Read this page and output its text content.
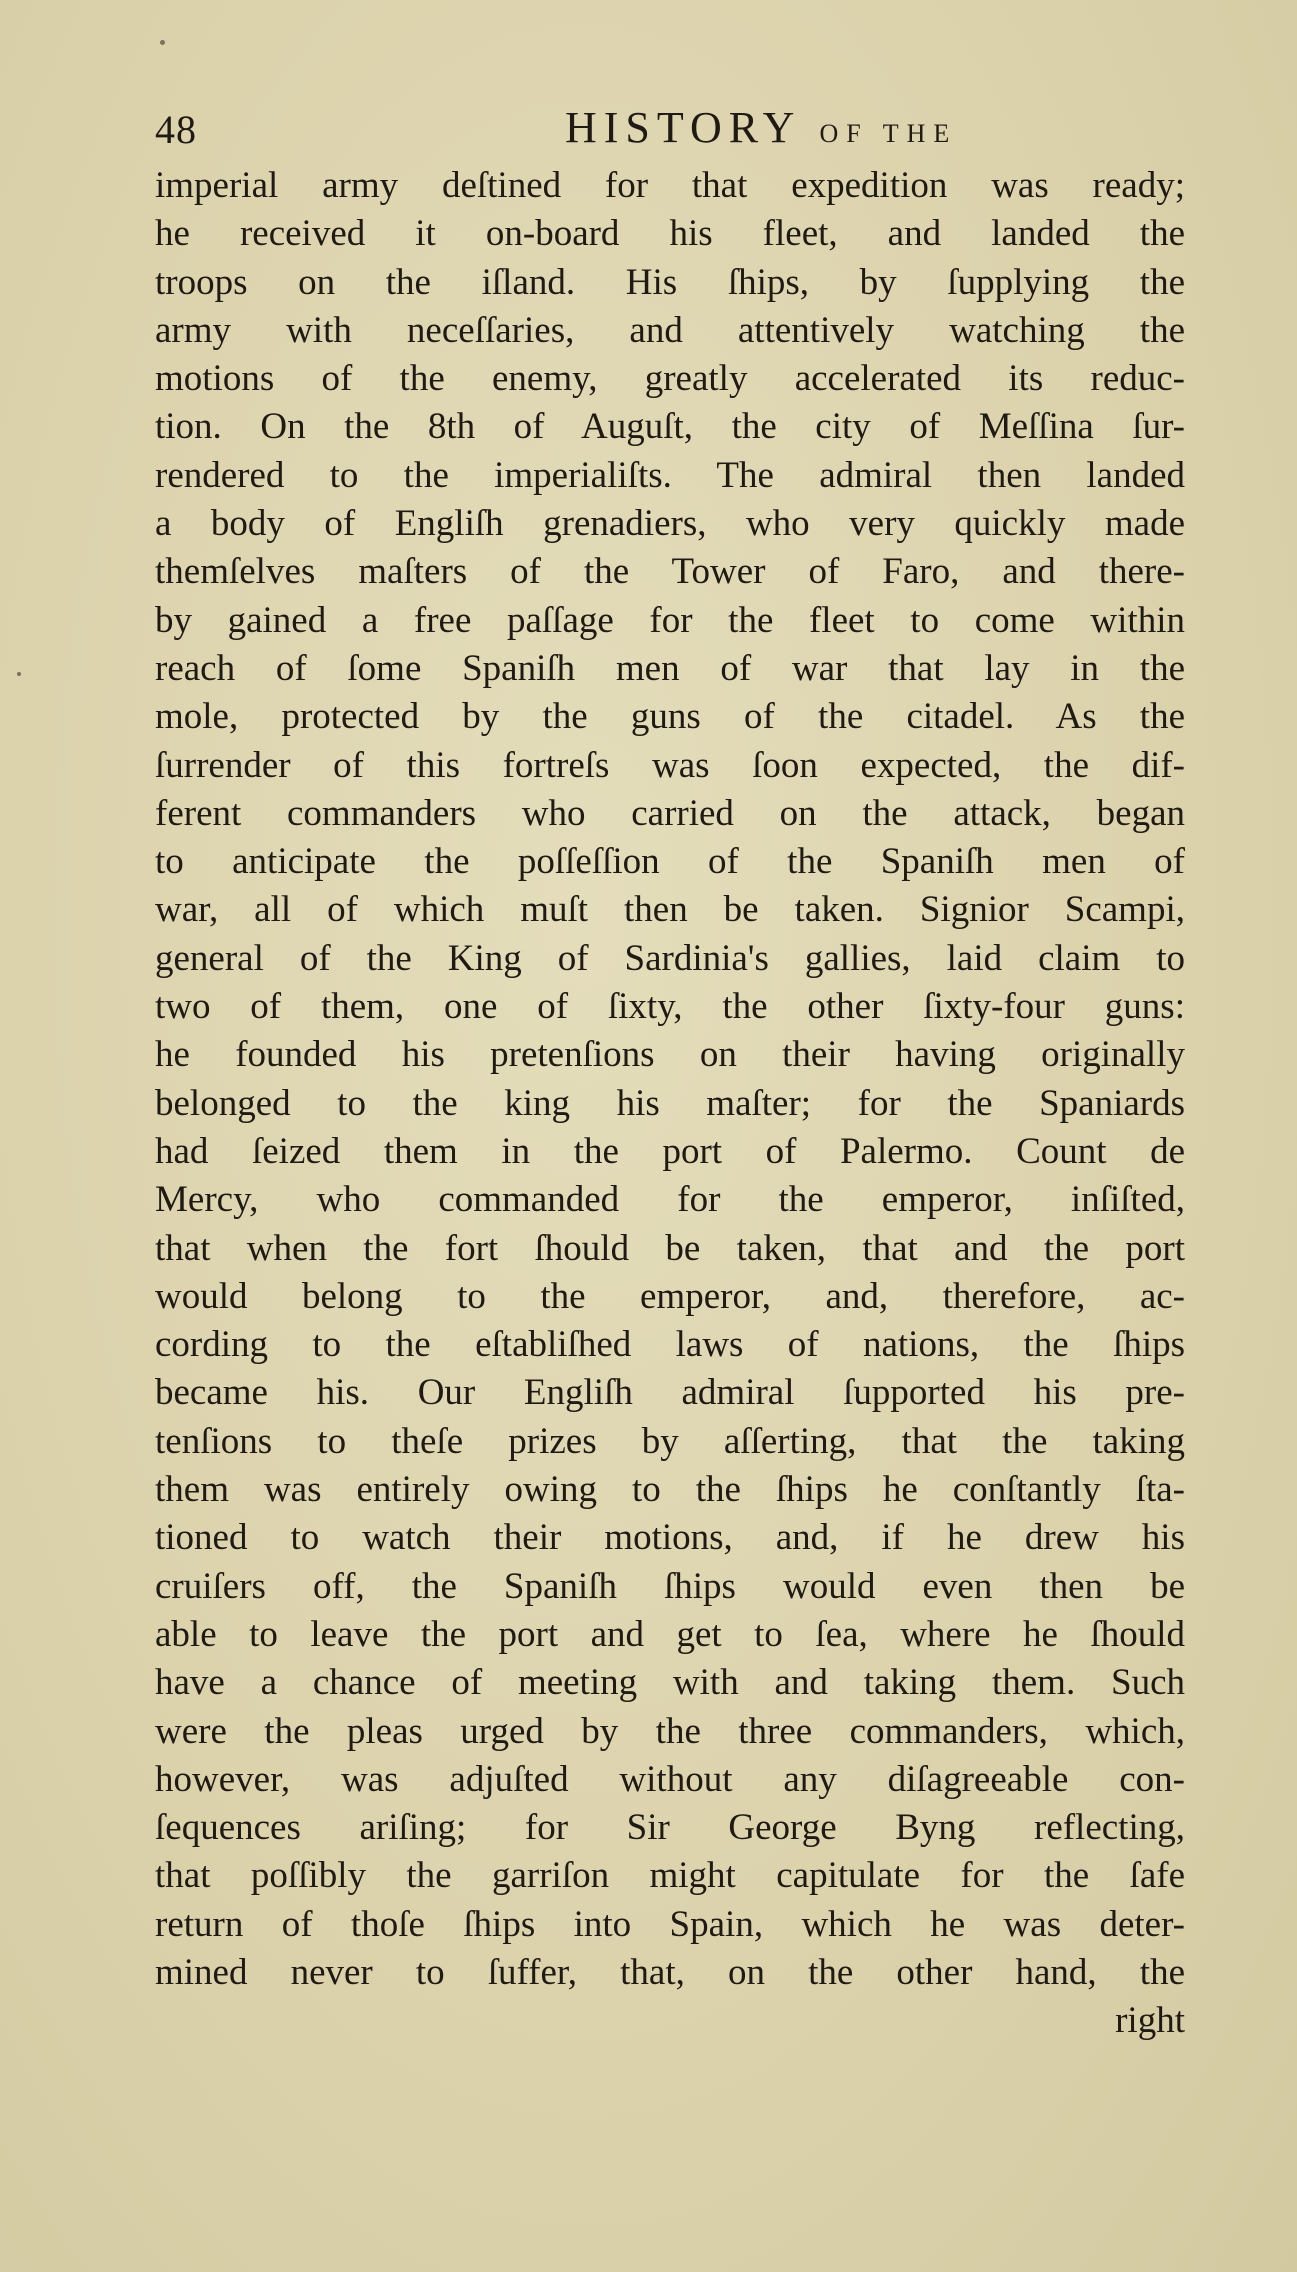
48	HISTORY OF THE
imperial army deſtined for that expedition was ready;
he received it on-board his fleet, and landed the
troops on the iſland. His ſhips, by ſupplying the
army with neceſſaries, and attentively watching the
motions of the enemy, greatly accelerated its reduc-
tion. On the 8th of Auguſt, the city of Meſſina ſur-
rendered to the imperialiſts. The admiral then landed
a body of Engliſh grenadiers, who very quickly made
themſelves maſters of the Tower of Faro, and there-
by gained a free paſſage for the fleet to come within
reach of ſome Spaniſh men of war that lay in the
mole, protected by the guns of the citadel. As the
ſurrender of this fortreſs was ſoon expected, the dif-
ferent commanders who carried on the attack, began
to anticipate the poſſeſſion of the Spaniſh men of
war, all of which muſt then be taken. Signior Scampi,
general of the King of Sardinia's gallies, laid claim to
two of them, one of ſixty, the other ſixty-four guns:
he founded his pretenſions on their having originally
belonged to the king his maſter; for the Spaniards
had ſeized them in the port of Palermo. Count de
Mercy, who commanded for the emperor, inſiſted,
that when the fort ſhould be taken, that and the port
would belong to the emperor, and, therefore, ac-
cording to the eſtabliſhed laws of nations, the ſhips
became his. Our Engliſh admiral ſupported his pre-
tenſions to theſe prizes by aſſerting, that the taking
them was entirely owing to the ſhips he conſtantly ſta-
tioned to watch their motions, and, if he drew his
cruiſers off, the Spaniſh ſhips would even then be
able to leave the port and get to ſea, where he ſhould
have a chance of meeting with and taking them. Such
were the pleas urged by the three commanders, which,
however, was adjuſted without any diſagreeable con-
ſequences ariſing; for Sir George Byng reflecting,
that poſſibly the garriſon might capitulate for the ſafe
return of thoſe ſhips into Spain, which he was deter-
mined never to ſuffer, that, on the other hand, the
right
